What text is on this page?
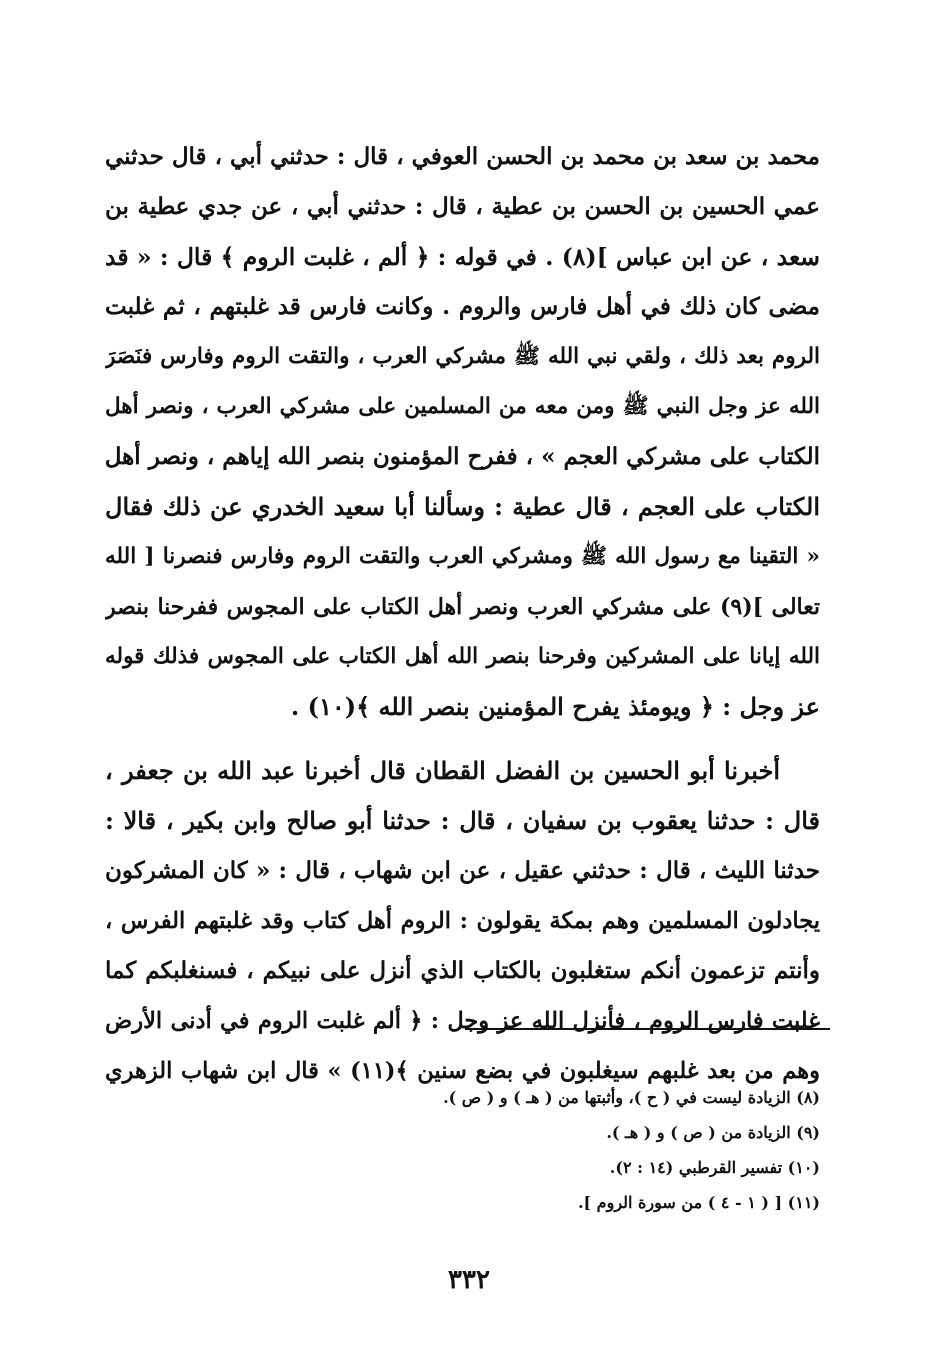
محمد بن سعد بن محمد بن الحسن العوفي ، قال : حدثني أبي ، قال حدثني
عمي الحسين بن الحسن بن عطية ، قال : حدثني أبي ، عن جدي عطية بن
سعد ، عن ابن عباس ](٨) . في قوله : ﴿ ألم ، غلبت الروم ﴾ قال : « قد
مضى كان ذلك في أهل فارس والروم . وكانت فارس قد غلبتهم ، ثم غلبت
الروم بعد ذلك ، ولقي نبي الله ﷺ مشركي العرب ، والتقت الروم وفارس فنَصَرَ
الله عز وجل النبي ﷺ ومن معه من المسلمين على مشركي العرب ، ونصر أهل
الكتاب على مشركي العجم » ، ففرح المؤمنون بنصر الله إياهم ، ونصر أهل
الكتاب على العجم ، قال عطية : وسألنا أبا سعيد الخدري عن ذلك فقال
« التقينا مع رسول الله ﷺ ومشركي العرب والتقت الروم وفارس فنصرنا [ الله
تعالى ](٩) على مشركي العرب ونصر أهل الكتاب على المجوس ففرحنا بنصر
الله إيانا على المشركين وفرحنا بنصر الله أهل الكتاب على المجوس فذلك قوله
عز وجل : ﴿ ويومئذ يفرح المؤمنين بنصر الله ﴾(١٠) .
أخبرنا أبو الحسين بن الفضل القطان قال أخبرنا عبد الله بن جعفر ،
قال : حدثنا يعقوب بن سفيان ، قال : حدثنا أبو صالح وابن بكير ، قالا :
حدثنا الليث ، قال : حدثني عقيل ، عن ابن شهاب ، قال : « كان المشركون
يجادلون المسلمين وهم بمكة يقولون : الروم أهل كتاب وقد غلبتهم الفرس ،
وأنتم تزعمون أنكم ستغلبون بالكتاب الذي أنزل على نبيكم ، فسنغلبكم كما
غلبت فارس الروم ، فأنزل الله عز وجل : ﴿ ألم غلبت الروم في أدنى الأرض
وهم من بعد غلبهم سيغلبون في بضع سنين ﴾(١١) » قال ابن شهاب الزهري
(٨) الزيادة ليست في ( ح )، وأثبتها من ( هـ ) و ( ص ).
(٩) الزيادة من ( ص ) و ( هـ ).
(١٠) تفسير القرطبي (١٤ : ٢).
(١١) [ ( ١ - ٤ ) من سورة الروم ].
٣٣٢
